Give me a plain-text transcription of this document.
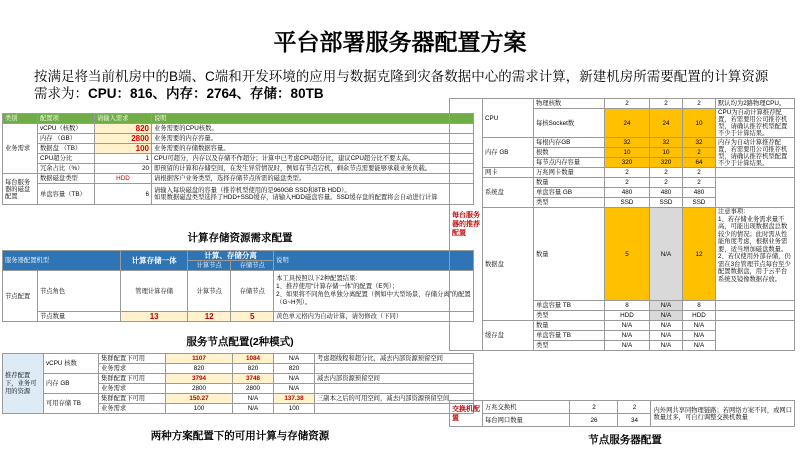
平台部署服务器配置方案
按满足将当前机房中的B端、C端和开发环境的应用与数据克隆到灾备数据中心的需求计算，新建机房所需要配置的计算资源需求为：CPU：816、内存：2764、存储：80TB
类别	配置项	请输入需求	说明
业务需求	vCPU（核数）	820	业务需要的CPU核数。
	内存 （GB）	2800	业务需要的内存容量。
	数据盘 （TB）	100	业务需要的存储数据容量。
	CPU超分比	1	CPU可超分，内存以及存储不作超分；计算中已考虑CPU超分比，建议CPU超分比不要太高。
	冗余占比（%）	20	即预留的计算和存储空间，在发生异常情况时，例如有节点宕机，剩余节点需要能够承载业务负载。
每台服务器的磁盘配置	数据磁盘类型	HDD	请根据客户业务类型，选择存储节点所需的磁盘类型。
	单盘容量（TB）	6	请输入每块磁盘的容量（推荐机型使用的是960GB SSD和8TB HDD）。
如果数据磁盘类型选择了HDD+SSD缓存，请输入HDD磁盘容量。SSD缓存盘的配置将会自动进行计算
计算存储资源需求配置
服务器配置机型		计算存储一体	计算、存储分离		说明
			计算节点	存储节点	
节点配置	节点角色	管理计算存储	计算节点	存储节点	本工具按照以下2种配置结果:
1、推荐使用“计算存储一体”的配置（E列）；
2、如果将不同角色单独分离配置（例如中大型场景，存储分离”的配置（G~H列）。

	节点数量	13	12	5	黄色单元格内为自动计算，请勿修改（下同）
服务节点配置(2种模式)
推荐配置下，业务可用的资源	vCPU 核数	集群配置下可用	1107	1084	N/A	考虑超线程和超分比，减去内部资源预留空间
		业务需求	820	820	820	
	内存 GB	集群配置下可用	3794	3748	N/A	减去内部资源预留空间
		业务需求	2800	2800	N/A	
	可用存储 TB	集群配置下可用	150.27	N/A	137.38	三副本之后的可用空间，减去内部资源预留空间
		业务需求	100	N/A	100	
两种方案配置下的可用计算与存储资源
每台服务器的推荐配置	CPU	物理核数	2	2	2	默认均为2路物理CPU。
		每核Socket数	24	24	10	CPU为自动计算推荐配置，若需要用公司推荐机型，请确认推荐机型配置不少于计算结果。
	内存 GB	每根内存GB	32	32	32	内存为自动计算推荐配置，若需要用公司推荐机型，请确认推荐机型配置不少于计算结果。
		根数	10	10	2	
		每节点内存容量	320	320	64	
	网卡	万兆网卡数量	2	2	2	
	系统盘	数量	2	2	2	
		单盘容量 GB	480	480	480	
		类型	SSD	SSD	SSD	
	数据盘	数量	5	N/A	12	注意事项：
1、若存储业务需求量不高，可能出现数据盘总数较少的情况；此时需从性能角度考虑，根据业务需要，适当增加磁盘数量。
2、若仅使用外部存储，仍需在3台管理节点每台至少配置数据盘，用于云平台系统及镜像数据存放。

		单盘容量 TB	8	N/A	8	
		类型	HDD	N/A	HDD	
	缓存盘	数量	N/A	N/A	N/A	
		单盘容量 TB	N/A	N/A	N/A	
		类型	N/A	N/A	N/A	
交换机配置	万兆交换机	2	2	内外网共享同物理链路；若网络方案不同，或网口数量过多，可自行调整交换机数量
	每台网口数量	26	34	
节点服务器配置
